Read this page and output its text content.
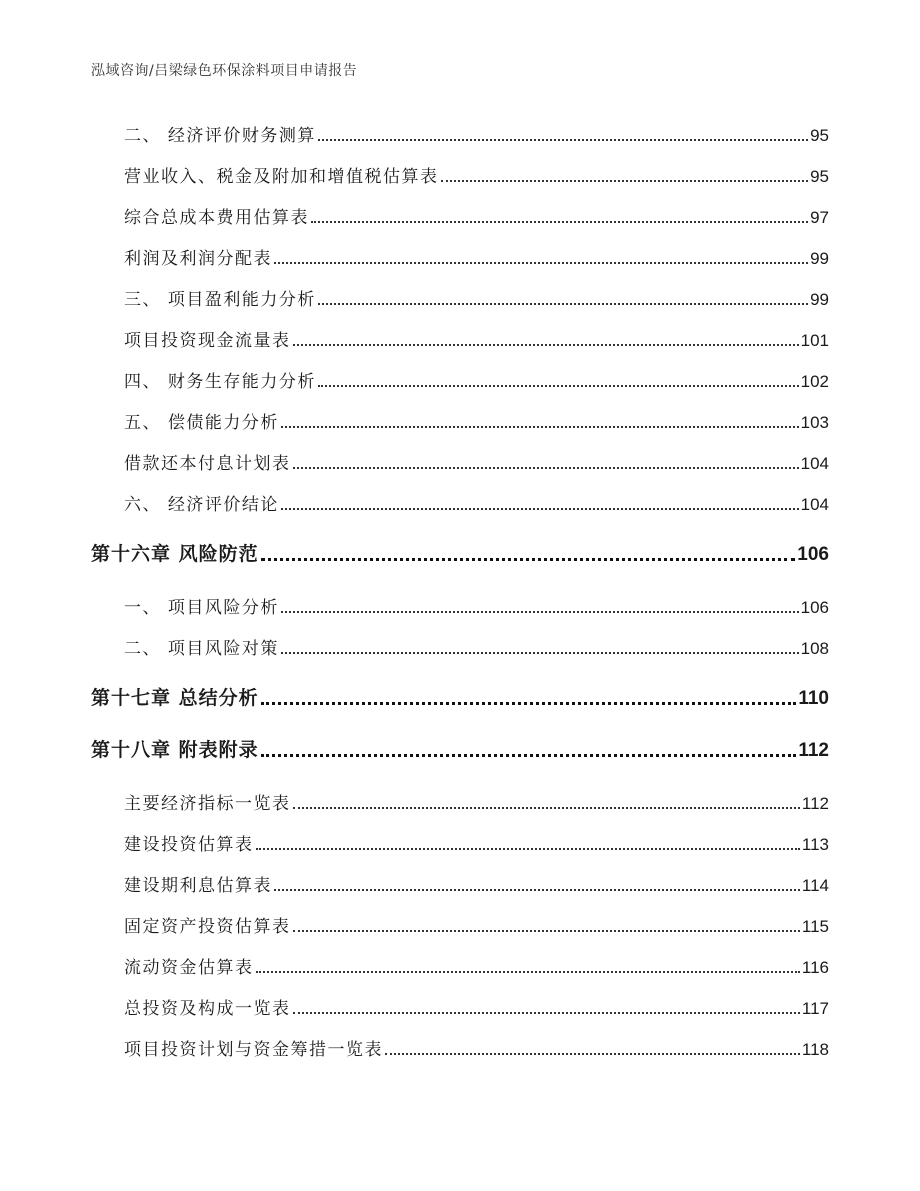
泓域咨询/吕梁绿色环保涂料项目申请报告
二、 经济评价财务测算	95
营业收入、税金及附加和增值税估算表	95
综合总成本费用估算表	97
利润及利润分配表	99
三、 项目盈利能力分析	99
项目投资现金流量表	101
四、 财务生存能力分析	102
五、 偿债能力分析	103
借款还本付息计划表	104
六、 经济评价结论	104
第十六章 风险防范	106
一、 项目风险分析	106
二、 项目风险对策	108
第十七章 总结分析	110
第十八章 附表附录	112
主要经济指标一览表	112
建设投资估算表	113
建设期利息估算表	114
固定资产投资估算表	115
流动资金估算表	116
总投资及构成一览表	117
项目投资计划与资金筹措一览表	118
